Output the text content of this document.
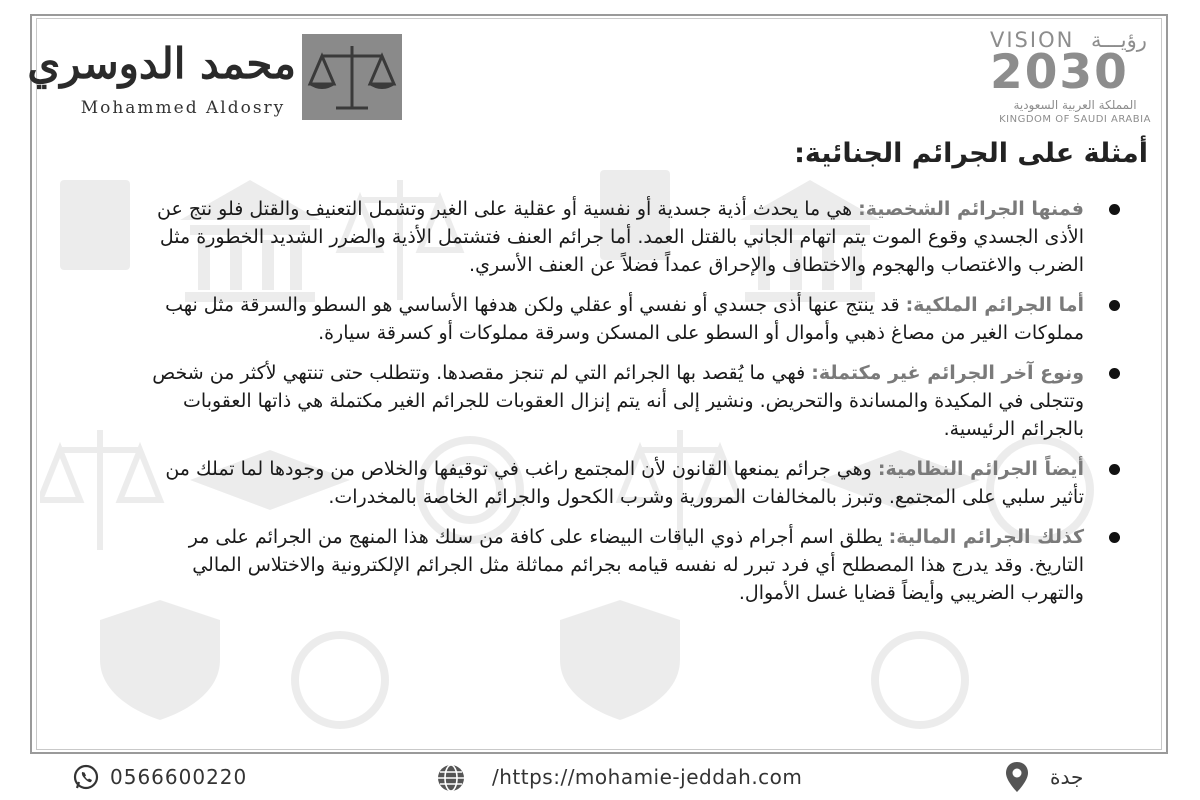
محمد الدوسري
Mohammed Aldosry
VISION رؤيـــة
2030
المملكة العربية السعودية
KINGDOM OF SAUDI ARABIA
أمثلة على الجرائم الجنائية:
فمنها الجرائم الشخصية: هي ما يحدث أذية جسدية أو نفسية أو عقلية على الغير وتشمل التعنيف والقتل فلو نتج عن الأذى الجسدي وقوع الموت يتم اتهام الجاني بالقتل العمد. أما جرائم العنف فتشتمل الأذية والضرر الشديد الخطورة مثل الضرب والاغتصاب والهجوم والاختطاف والإحراق عمداً فضلاً عن العنف الأسري.
أما الجرائم الملكية: قد ينتج عنها أذى جسدي أو نفسي أو عقلي ولكن هدفها الأساسي هو السطو والسرقة مثل نهب مملوكات الغير من مصاغ ذهبي وأموال أو السطو على المسكن وسرقة مملوكات أو كسرقة سيارة.
ونوع آخر الجرائم غير مكتملة: فهي ما يُقصد بها الجرائم التي لم تنجز مقصدها. وتتطلب حتى تنتهي لأكثر من شخص وتتجلى في المكيدة والمساندة والتحريض. ونشير إلى أنه يتم إنزال العقوبات للجرائم الغير مكتملة هي ذاتها العقوبات بالجرائم الرئيسية.
أيضاً الجرائم النظامية: وهي جرائم يمنعها القانون لأن المجتمع راغب في توقيفها والخلاص من وجودها لما تملك من تأثير سلبي على المجتمع. وتبرز بالمخالفات المرورية وشرب الكحول والجرائم الخاصة بالمخدرات.
كذلك الجرائم المالية: يطلق اسم أجرام ذوي الياقات البيضاء على كافة من سلك هذا المنهج من الجرائم على مر التاريخ. وقد يدرج هذا المصطلح أي فرد تبرر له نفسه قيامه بجرائم مماثلة مثل الجرائم الإلكترونية والاختلاس المالي والتهرب الضريبي وأيضاً قضايا غسل الأموال.
0566600220	/https://mohamie-jeddah.com	جدة
